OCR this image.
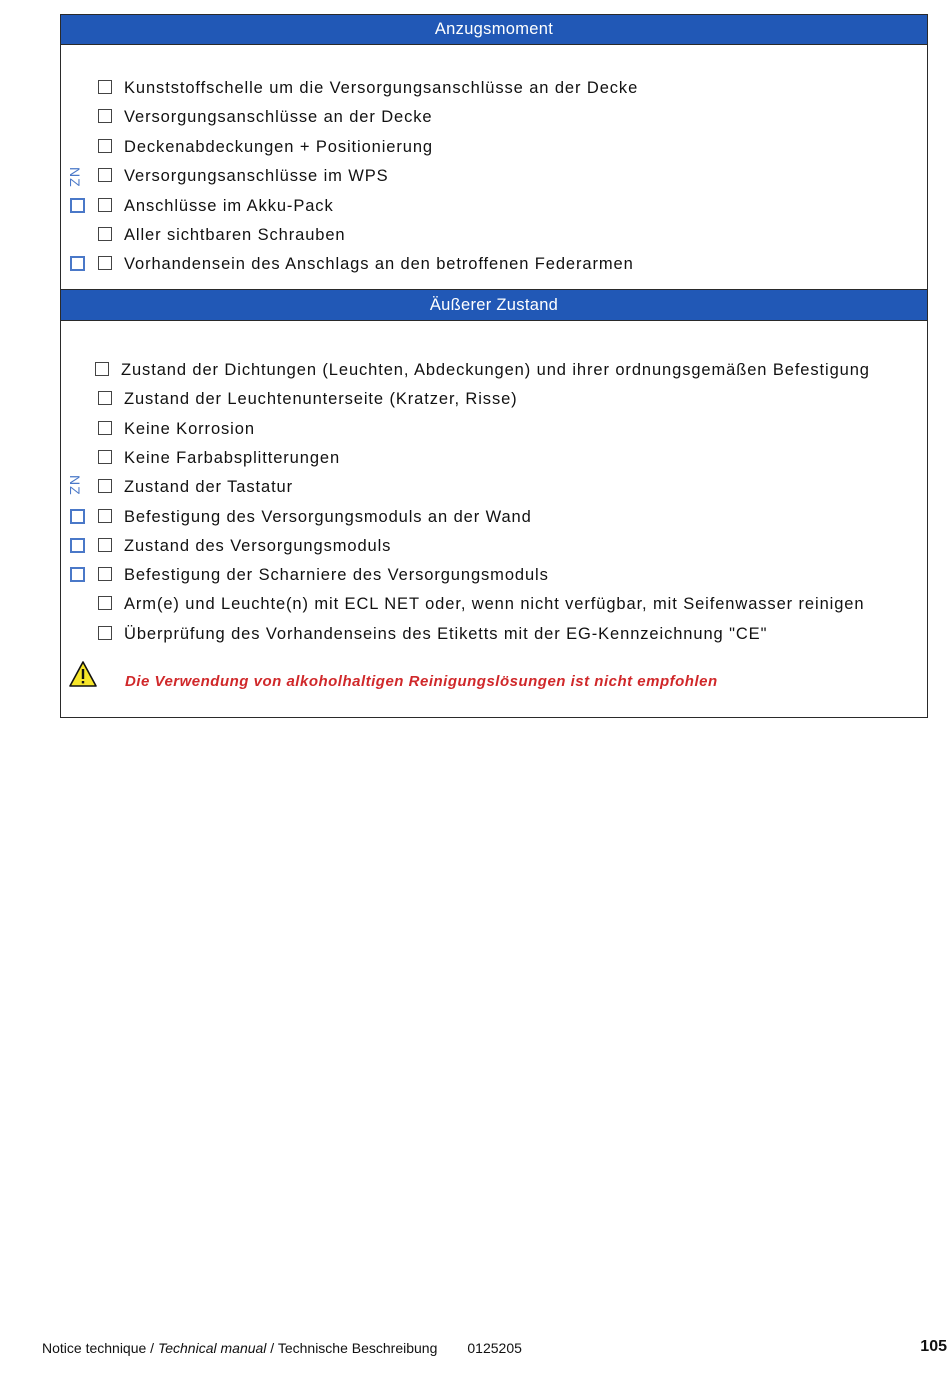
Anzugsmoment
Kunststoffschelle um die Versorgungsanschlüsse an der Decke
Versorgungsanschlüsse an der Decke
Deckenabdeckungen + Positionierung
Versorgungsanschlüsse im WPS
Anschlüsse im Akku-Pack
Aller sichtbaren Schrauben
Vorhandensein des Anschlags an den betroffenen Federarmen
NZ
Äußerer Zustand
Zustand der Dichtungen (Leuchten, Abdeckungen) und ihrer ordnungsgemäßen Befestigung
Zustand der Leuchtenunterseite (Kratzer, Risse)
Keine Korrosion
Keine Farbabsplitterungen
Zustand der Tastatur
Befestigung des Versorgungsmoduls an der Wand
Zustand des Versorgungsmoduls
Befestigung der Scharniere des Versorgungsmoduls
Arm(e) und Leuchte(n) mit ECL NET oder, wenn nicht verfügbar, mit Seifenwasser reinigen
Überprüfung des Vorhandenseins des Etiketts mit der EG-Kennzeichnung "CE"
NZ
Die Verwendung von alkoholhaltigen Reinigungslösungen ist nicht empfohlen
Notice technique / Technical manual / Technische Beschreibung 0125205	105
